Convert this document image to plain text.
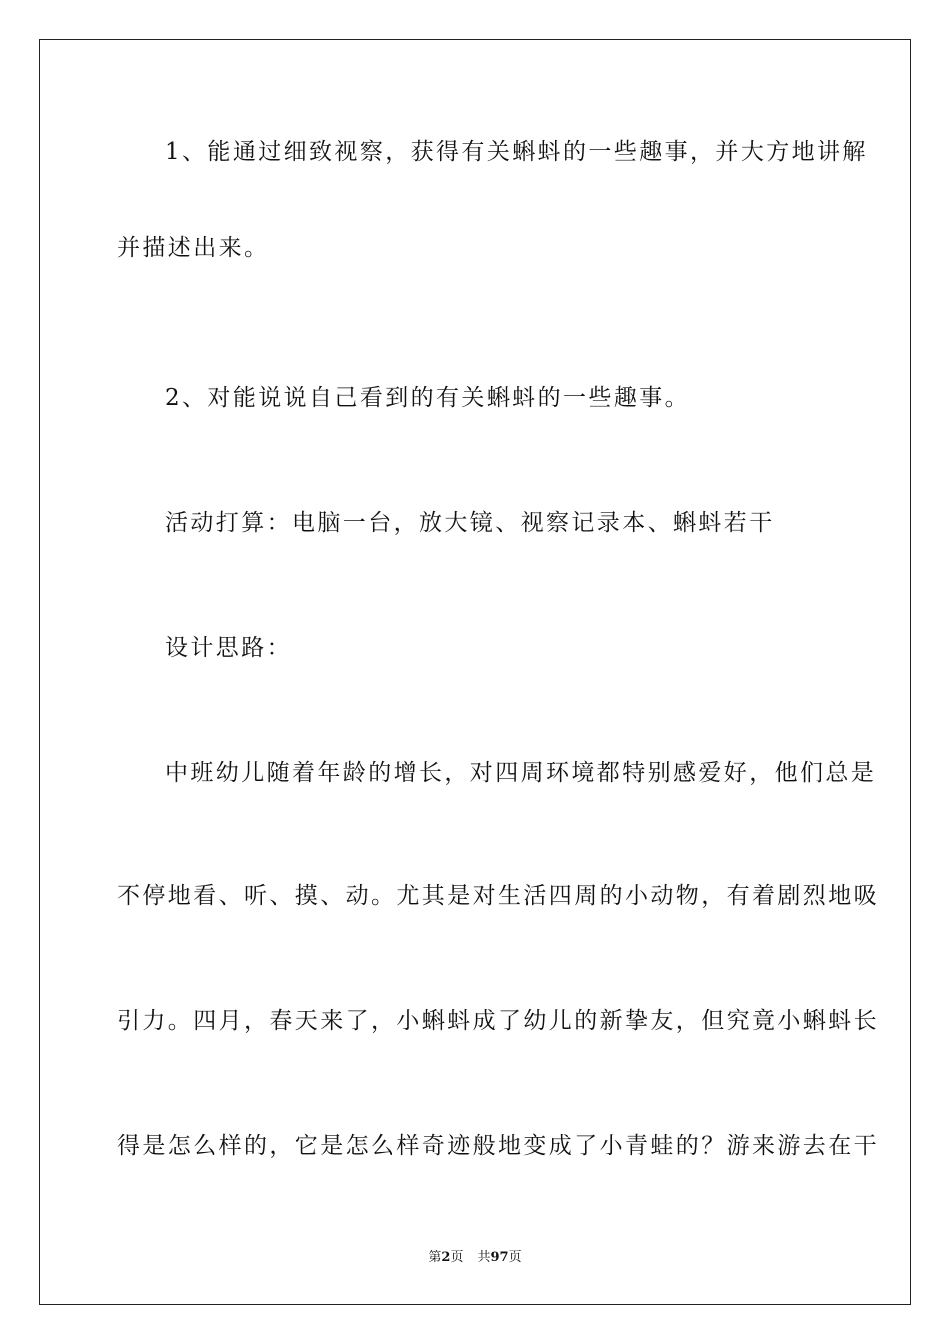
1、能通过细致视察，获得有关蝌蚪的一些趣事，并大方地讲解
并描述出来。
2、对能说说自己看到的有关蝌蚪的一些趣事。
活动打算：电脑一台，放大镜、视察记录本、蝌蚪若干
设计思路：
中班幼儿随着年龄的增长，对四周环境都特别感爱好，他们总是
不停地看、听、摸、动。尤其是对生活四周的小动物，有着剧烈地吸
引力。四月，春天来了，小蝌蚪成了幼儿的新挚友，但究竟小蝌蚪长
得是怎么样的，它是怎么样奇迹般地变成了小青蛙的？游来游去在干
第2页 共97页
